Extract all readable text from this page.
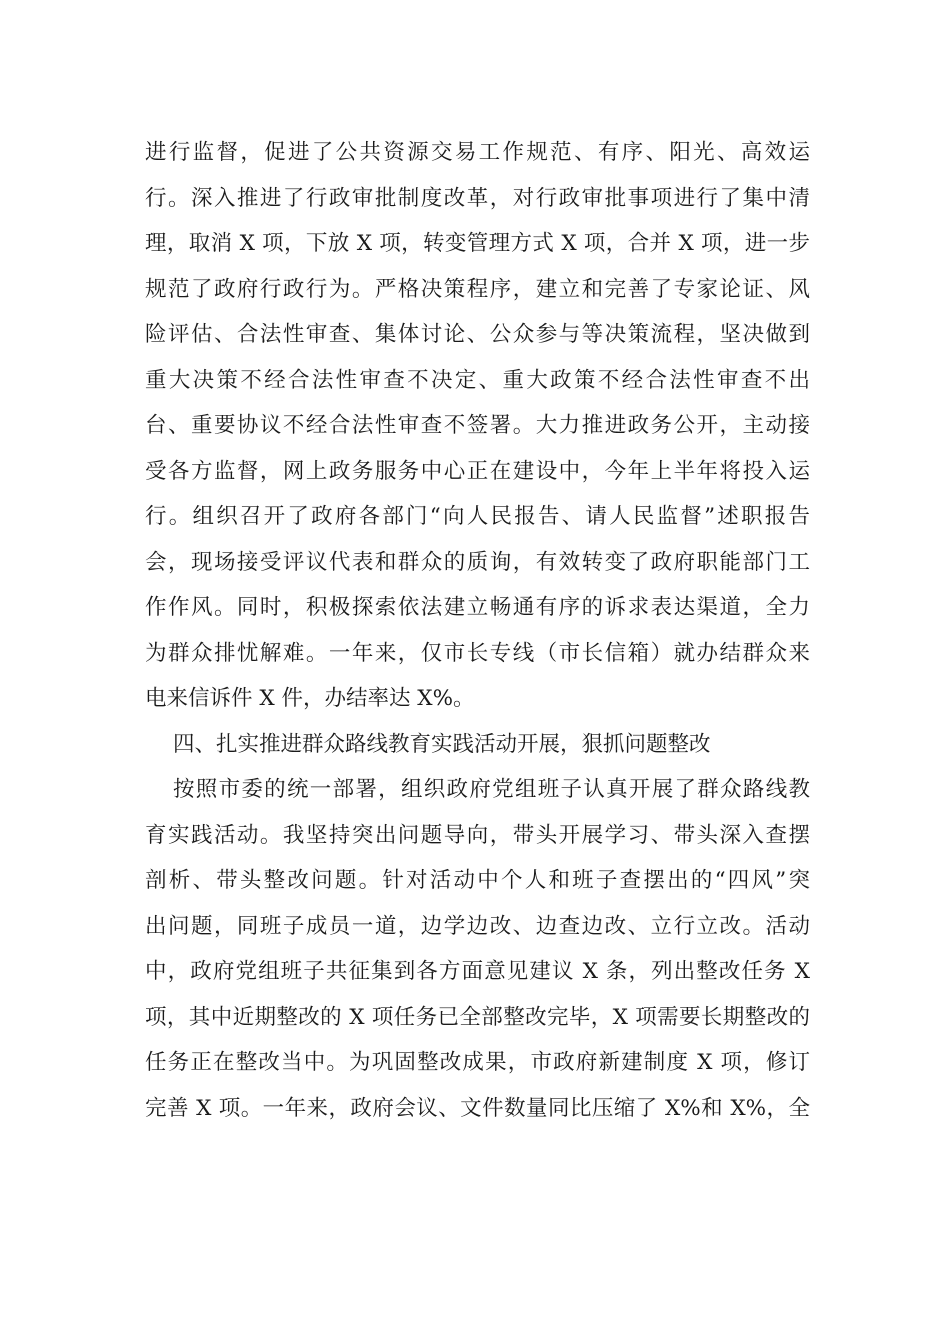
进行监督，促进了公共资源交易工作规范、有序、阳光、高效运
行。深入推进了行政审批制度改革，对行政审批事项进行了集中清
理，取消 X 项，下放 X 项，转变管理方式 X 项，合并 X 项，进一步
规范了政府行政行为。严格决策程序，建立和完善了专家论证、风
险评估、合法性审查、集体讨论、公众参与等决策流程，坚决做到
重大决策不经合法性审查不决定、重大政策不经合法性审查不出
台、重要协议不经合法性审查不签署。大力推进政务公开，主动接
受各方监督，网上政务服务中心正在建设中，今年上半年将投入运
行。组织召开了政府各部门“向人民报告、请人民监督”述职报告
会，现场接受评议代表和群众的质询，有效转变了政府职能部门工
作作风。同时，积极探索依法建立畅通有序的诉求表达渠道，全力
为群众排忧解难。一年来，仅市长专线（市长信箱）就办结群众来
电来信诉件 X 件，办结率达 X%。
四、扎实推进群众路线教育实践活动开展，狠抓问题整改
按照市委的统一部署，组织政府党组班子认真开展了群众路线教
育实践活动。我坚持突出问题导向，带头开展学习、带头深入查摆
剖析、带头整改问题。针对活动中个人和班子查摆出的“四风”突
出问题，同班子成员一道，边学边改、边查边改、立行立改。活动
中，政府党组班子共征集到各方面意见建议 X 条，列出整改任务 X
项，其中近期整改的 X 项任务已全部整改完毕，X 项需要长期整改的
任务正在整改当中。为巩固整改成果，市政府新建制度 X 项，修订
完善 X 项。一年来，政府会议、文件数量同比压缩了 X%和 X%，全
